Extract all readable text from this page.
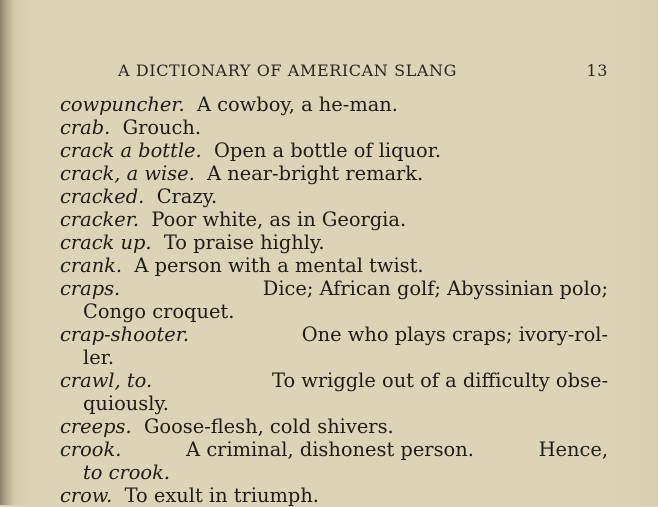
A DICTIONARY OF AMERICAN SLANG	13
cowpuncher. A cowboy, a he-man.
crab. Grouch.
crack a bottle. Open a bottle of liquor.
crack, a wise. A near-bright remark.
cracked. Crazy.
cracker. Poor white, as in Georgia.
crack up. To praise highly.
crank. A person with a mental twist.
craps.	Dice; African golf; Abyssinian polo;
Congo croquet.
crap-shooter.	One who plays craps; ivory-rol-
ler.
crawl, to.	To wriggle out of a difficulty obse-
quiously.
creeps. Goose-flesh, cold shivers.
crook.	A criminal, dishonest person.	Hence,
to crook.
crow. To exult in triumph.
